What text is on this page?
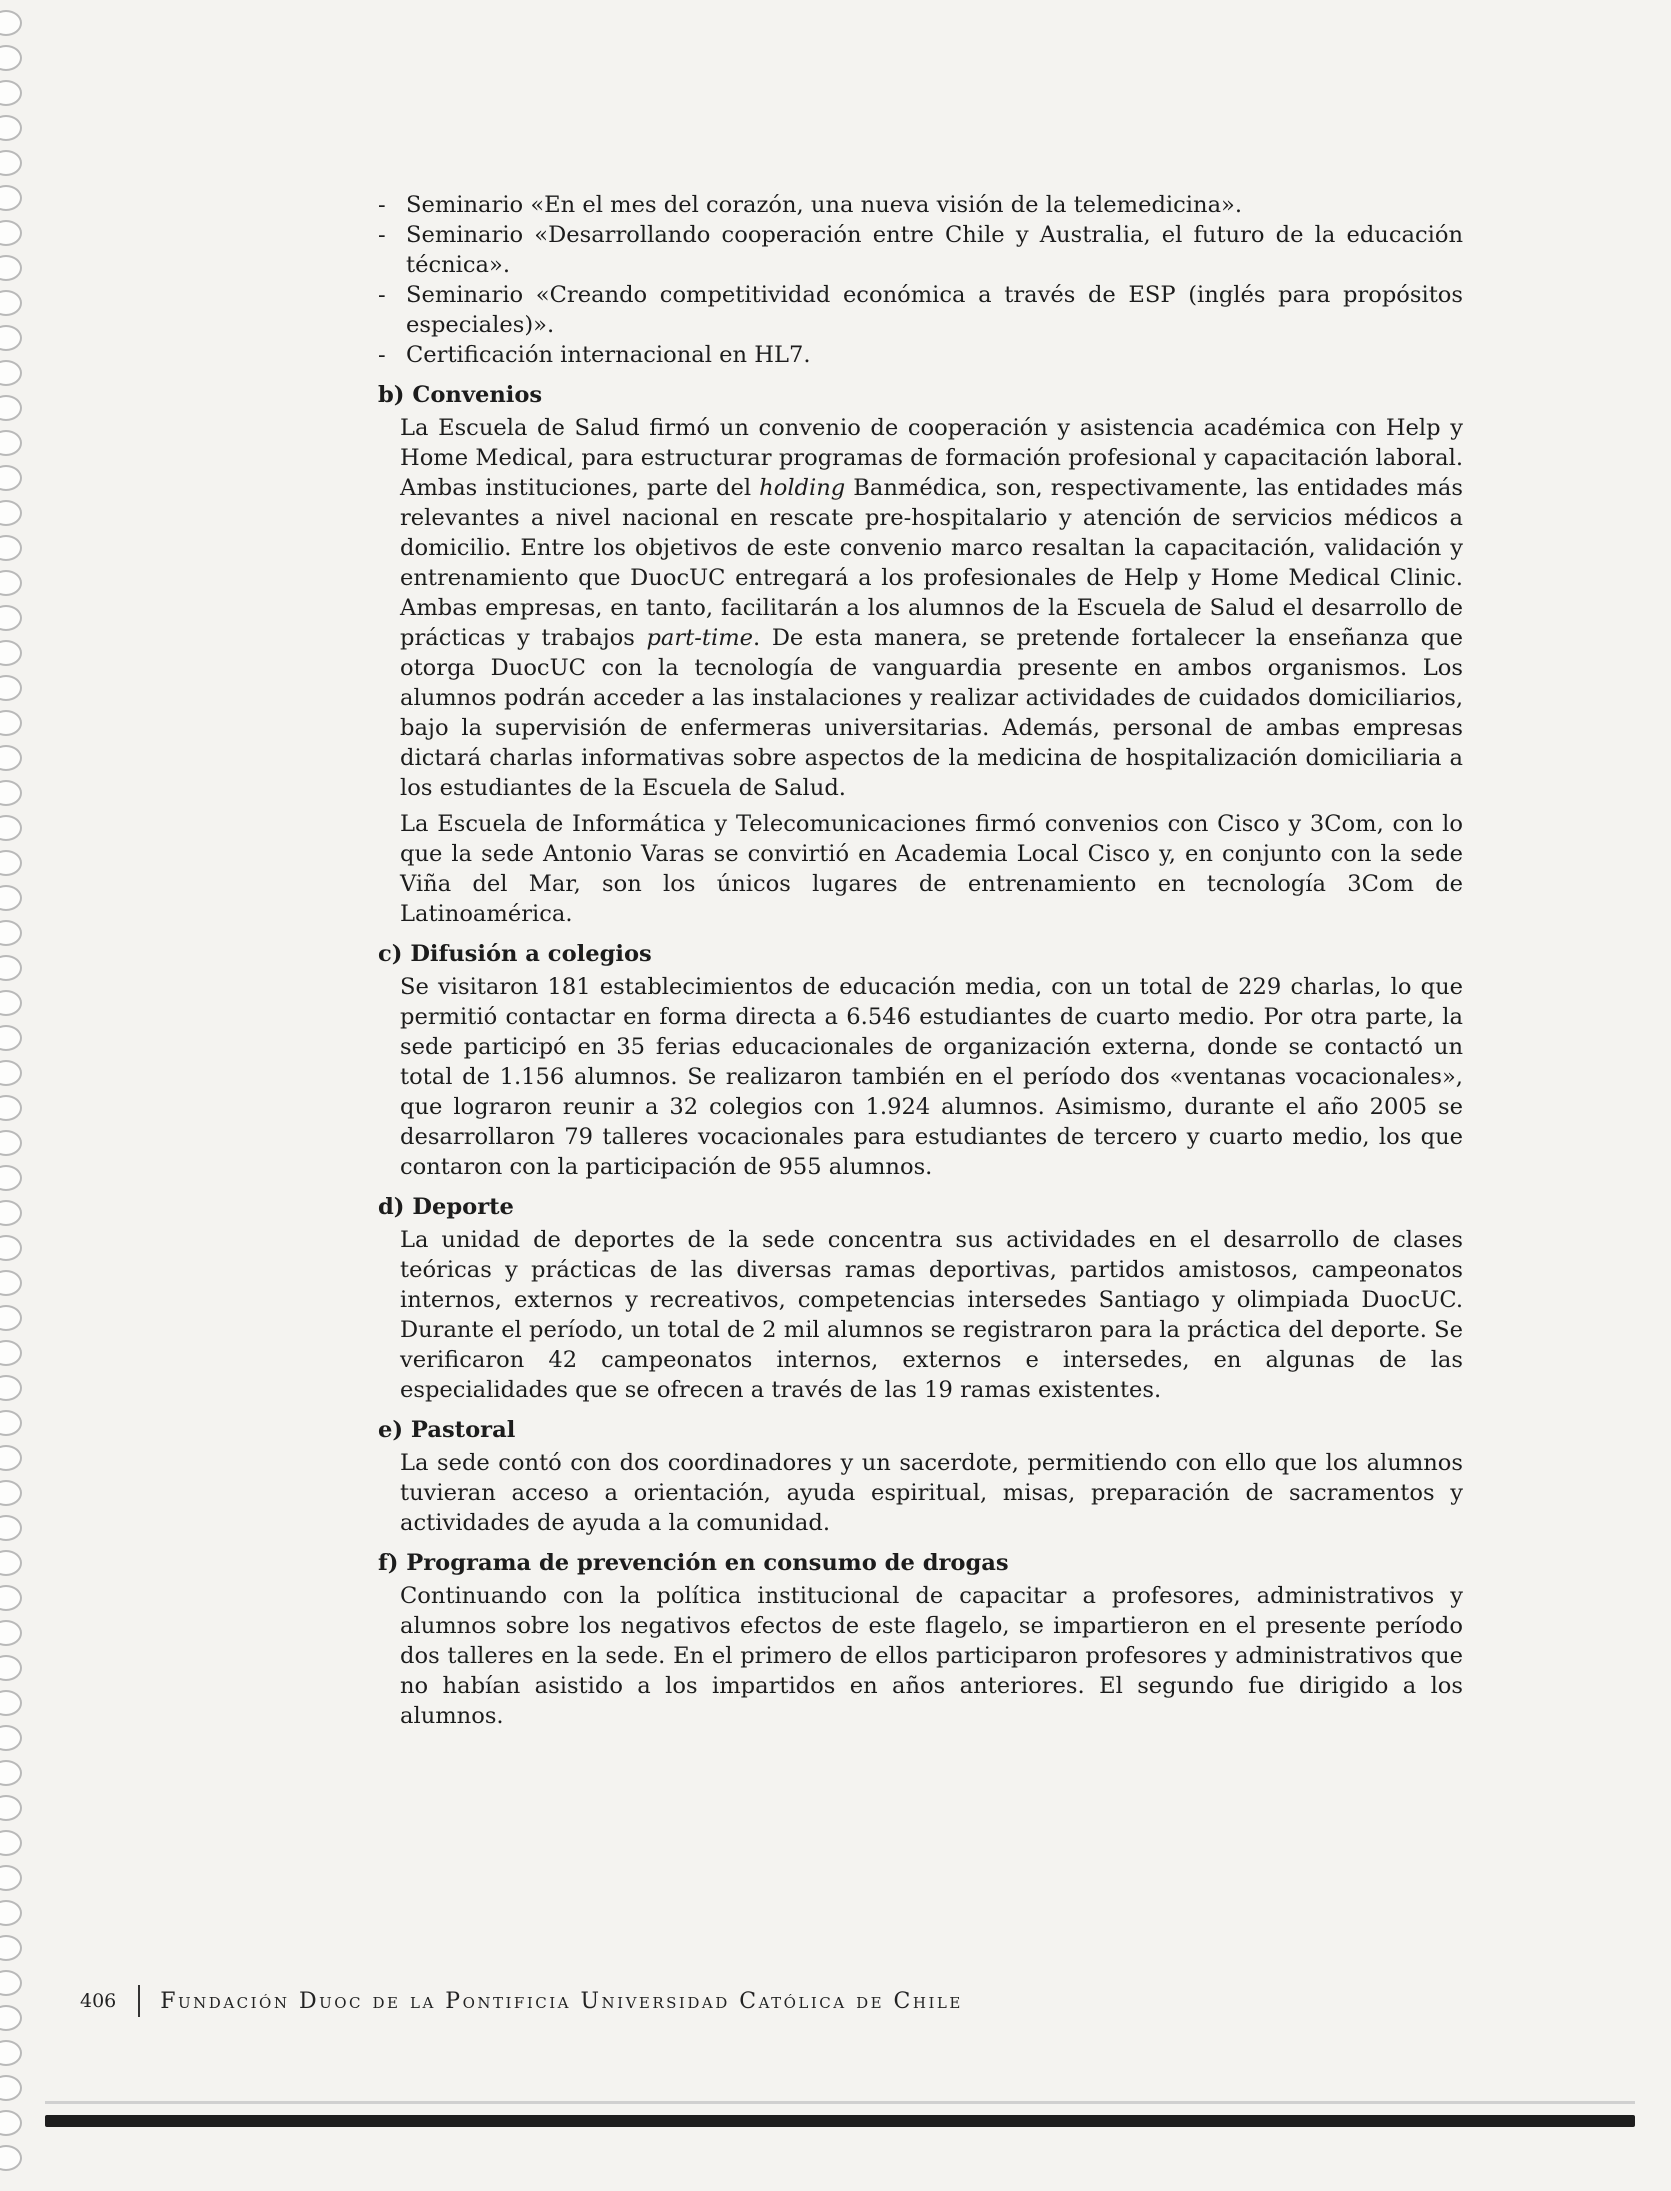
- Seminario «En el mes del corazón, una nueva visión de la telemedicina».
- Seminario «Desarrollando cooperación entre Chile y Australia, el futuro de la educación técnica».
- Seminario «Creando competitividad económica a través de ESP (inglés para propósitos especiales)».
- Certificación internacional en HL7.
b) Convenios

La Escuela de Salud firmó un convenio de cooperación y asistencia académica con Help y Home Medical, para estructurar programas de formación profesional y capacitación laboral. Ambas instituciones, parte del holding Banmédica, son, respectivamente, las entidades más relevantes a nivel nacional en rescate pre-hospitalario y atención de servicios médicos a domicilio. Entre los objetivos de este convenio marco resaltan la capacitación, validación y entrenamiento que DuocUC entregará a los profesionales de Help y Home Medical Clinic. Ambas empresas, en tanto, facilitarán a los alumnos de la Escuela de Salud el desarrollo de prácticas y trabajos part-time. De esta manera, se pretende fortalecer la enseñanza que otorga DuocUC con la tecnología de vanguardia presente en ambos organismos. Los alumnos podrán acceder a las instalaciones y realizar actividades de cuidados domiciliarios, bajo la supervisión de enfermeras universitarias. Además, personal de ambas empresas dictará charlas informativas sobre aspectos de la medicina de hospitalización domiciliaria a los estudiantes de la Escuela de Salud.

La Escuela de Informática y Telecomunicaciones firmó convenios con Cisco y 3Com, con lo que la sede Antonio Varas se convirtió en Academia Local Cisco y, en conjunto con la sede Viña del Mar, son los únicos lugares de entrenamiento en tecnología 3Com de Latinoamérica.

c) Difusión a colegios

Se visitaron 181 establecimientos de educación media, con un total de 229 charlas, lo que permitió contactar en forma directa a 6.546 estudiantes de cuarto medio. Por otra parte, la sede participó en 35 ferias educacionales de organización externa, donde se contactó un total de 1.156 alumnos. Se realizaron también en el período dos «ventanas vocacionales», que lograron reunir a 32 colegios con 1.924 alumnos. Asimismo, durante el año 2005 se desarrollaron 79 talleres vocacionales para estudiantes de tercero y cuarto medio, los que contaron con la participación de 955 alumnos.

d) Deporte

La unidad de deportes de la sede concentra sus actividades en el desarrollo de clases teóricas y prácticas de las diversas ramas deportivas, partidos amistosos, campeonatos internos, externos y recreativos, competencias intersedes Santiago y olimpiada DuocUC. Durante el período, un total de 2 mil alumnos se registraron para la práctica del deporte. Se verificaron 42 campeonatos internos, externos e intersedes, en algunas de las especialidades que se ofrecen a través de las 19 ramas existentes.

e) Pastoral

La sede contó con dos coordinadores y un sacerdote, permitiendo con ello que los alumnos tuvieran acceso a orientación, ayuda espiritual, misas, preparación de sacramentos y actividades de ayuda a la comunidad.

f) Programa de prevención en consumo de drogas

Continuando con la política institucional de capacitar a profesores, administrativos y alumnos sobre los negativos efectos de este flagelo, se impartieron en el presente período dos talleres en la sede. En el primero de ellos participaron profesores y administrativos que no habían asistido a los impartidos en años anteriores. El segundo fue dirigido a los alumnos.

406 Fundación Duoc de la Pontificia Universidad Católica de Chile
